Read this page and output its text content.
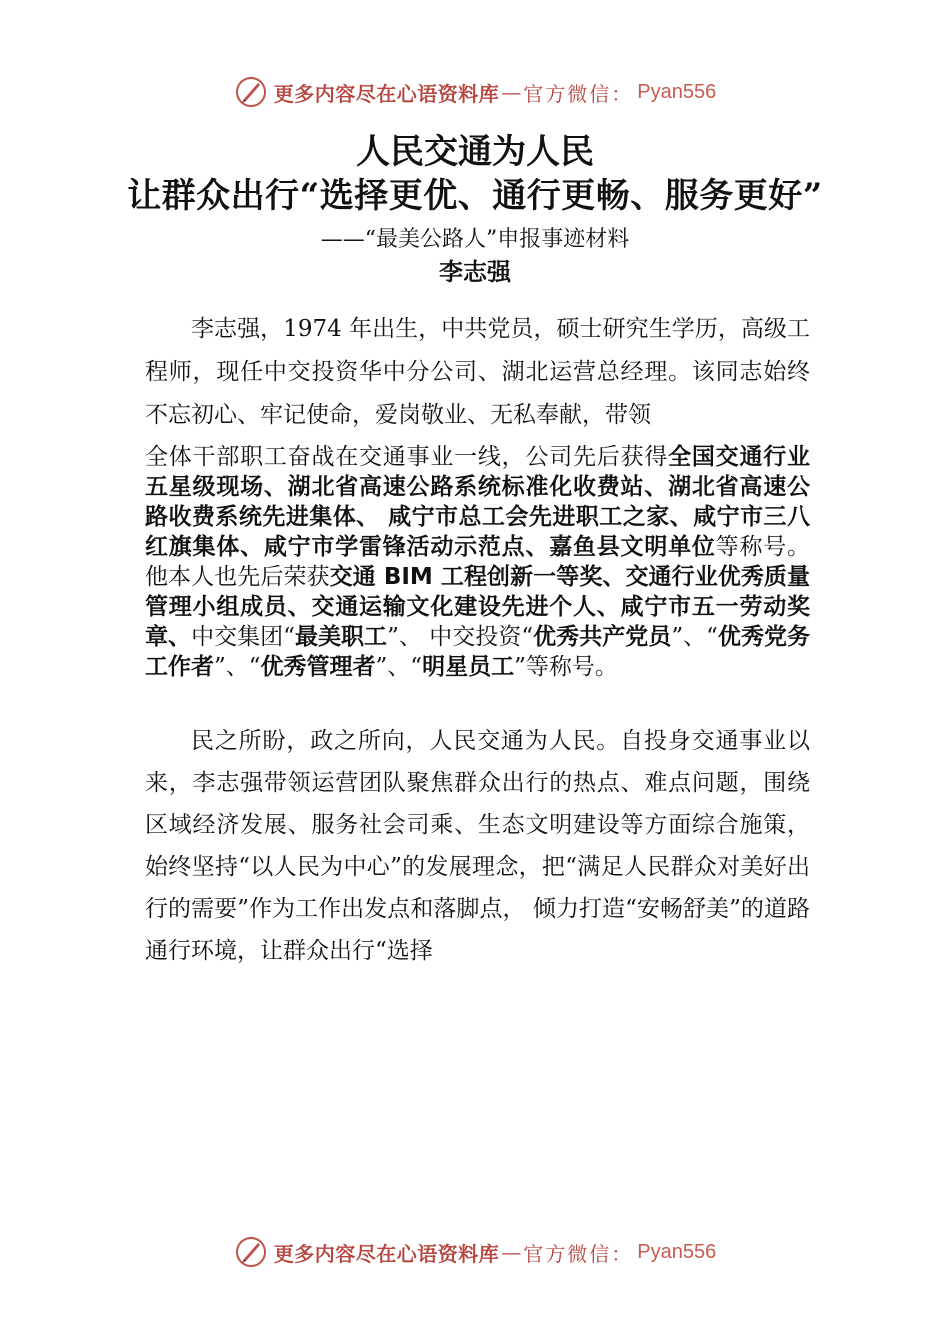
更多内容尽在心语资料库 — 官方微信： Pyan556
人民交通为人民
让群众出行“选择更优、通行更畅、服务更好”
——“最美公路人”申报事迹材料
李志强
李志强，1974 年出生，中共党员，硕士研究生学历，高级工程师，现任中交投资华中分公司、湖北运营总经理。该同志始终不忘初心、牢记使命，爱岗敬业、无私奉献，带领
全体干部职工奋战在交通事业一线，公司先后获得全国交通行业五星级现场、湖北省高速公路系统标准化收费站、湖北省高速公路收费系统先进集体、 咸宁市总工会先进职工之家、咸宁市三八红旗集体、咸宁市学雷锋活动示范点、嘉鱼县文明单位等称号。他本人也先后荣获交通 BIM 工程创新一等奖、交通行业优秀质量管理小组成员、交通运输文化建设先进个人、咸宁市五一劳动奖章、中交集团“最美职工”、 中交投资“优秀共产党员”、“优秀党务工作者”、“优秀管理者”、“明星员工”等称号。
民之所盼，政之所向，人民交通为人民。自投身交通事业以来，李志强带领运营团队聚焦群众出行的热点、难点问题，围绕区域经济发展、服务社会司乘、生态文明建设等方面综合施策，始终坚持“以人民为中心”的发展理念，把“满足人民群众对美好出行的需要”作为工作出发点和落脚点， 倾力打造“安畅舒美”的道路通行环境，让群众出行“选择
更多内容尽在心语资料库 — 官方微信： Pyan556
